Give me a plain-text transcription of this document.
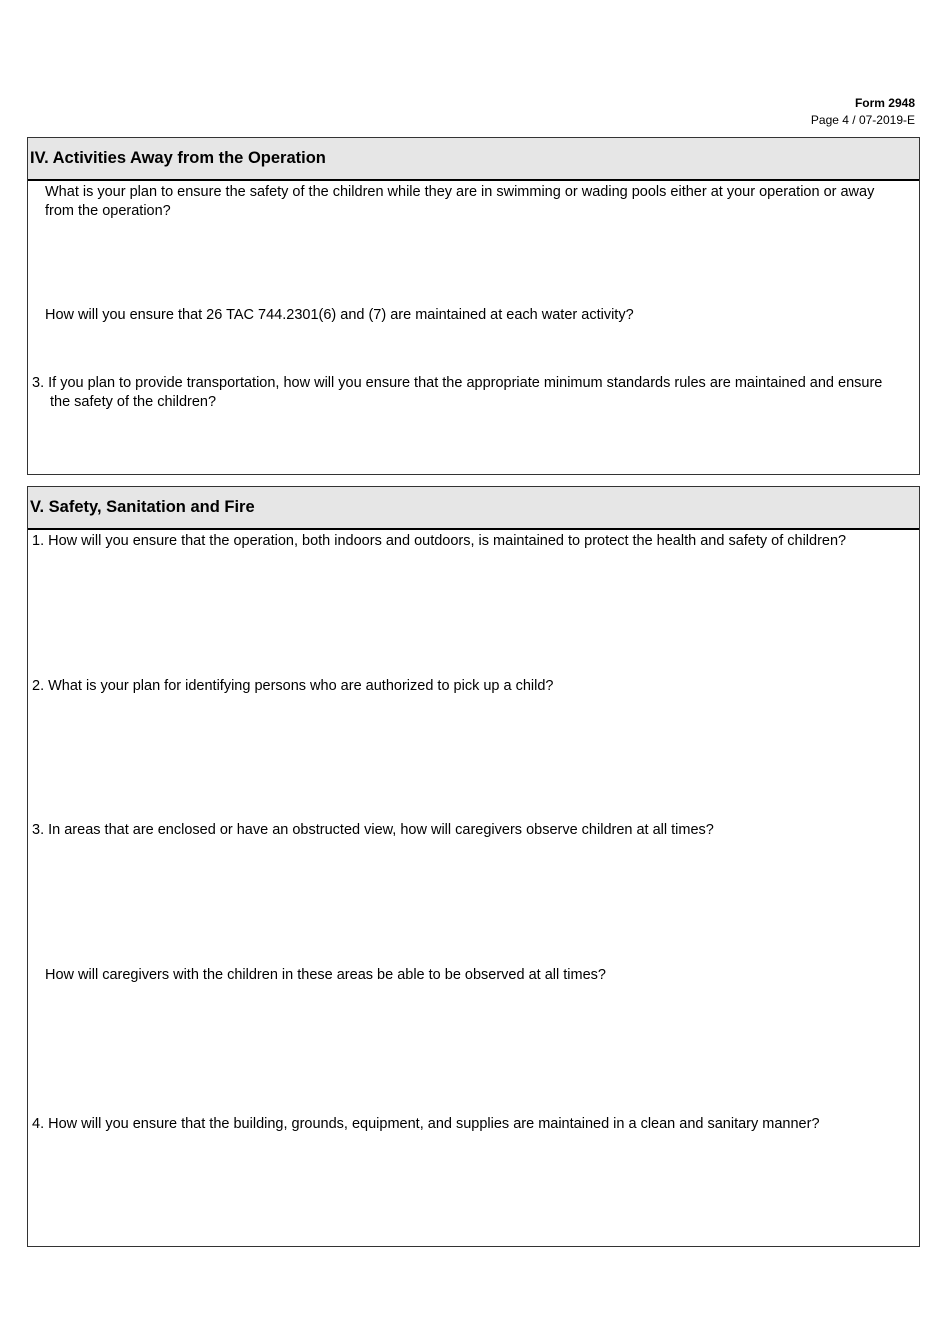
Form 2948
Page 4 / 07-2019-E
IV. Activities Away from the Operation
What is your plan to ensure the safety of the children while they are in swimming or wading pools either at your operation or away from the operation?
How will you ensure that 26 TAC 744.2301(6) and (7) are maintained at each water activity?
3. If you plan to provide transportation, how will you ensure that the appropriate minimum standards rules are maintained and ensure the safety of the children?
V. Safety, Sanitation and Fire
1. How will you ensure that the operation, both indoors and outdoors, is maintained to protect the health and safety of children?
2. What is your plan for identifying persons who are authorized to pick up a child?
3. In areas that are enclosed or have an obstructed view, how will caregivers observe children at all times?
How will caregivers with the children in these areas be able to be observed at all times?
4. How will you ensure that the building, grounds, equipment, and supplies are maintained in a clean and sanitary manner?
